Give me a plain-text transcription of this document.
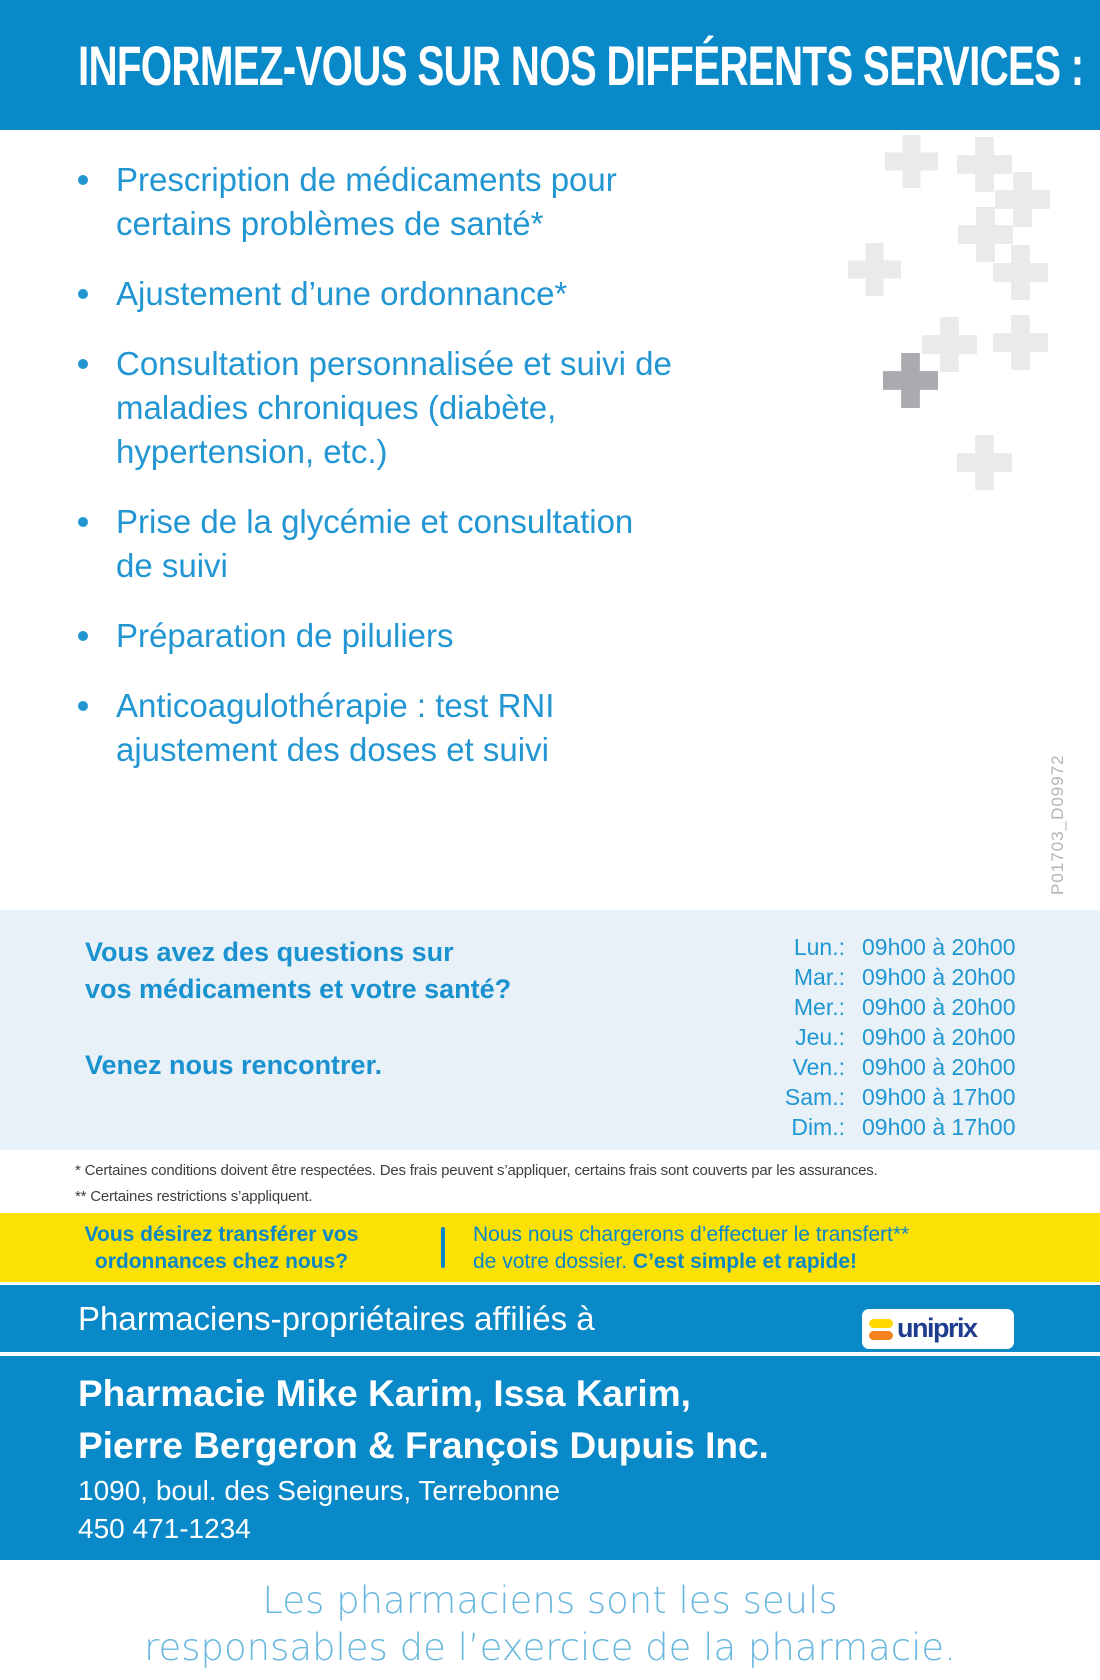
INFORMEZ-VOUS SUR NOS DIFFÉRENTS SERVICES :
Prescription de médicaments pour
certains problèmes de santé*
Ajustement d’une ordonnance*
Consultation personnalisée et suivi de
maladies chroniques (diabète,
hypertension, etc.)
Prise de la glycémie et consultation
de suivi
Préparation de piluliers
Anticoagulothérapie : test RNI
ajustement des doses et suivi
P01703_D09972
Vous avez des questions sur
vos médicaments et votre santé?
Venez nous rencontrer.
Lun.: 09h00 à 20h00
Mar.: 09h00 à 20h00
Mer.: 09h00 à 20h00
Jeu.: 09h00 à 20h00
Ven.: 09h00 à 20h00
Sam.: 09h00 à 17h00
Dim.: 09h00 à 17h00
* Certaines conditions doivent être respectées. Des frais peuvent s’appliquer, certains frais sont couverts par les assurances.
** Certaines restrictions s’appliquent.
Vous désirez transférer vos
ordonnances chez nous?
Nous nous chargerons d’effectuer le transfert**
de votre dossier. C’est simple et rapide!
Pharmaciens-propriétaires affiliés à	uniprix
Pharmacie Mike Karim, Issa Karim,
Pierre Bergeron & François Dupuis Inc.
1090, boul. des Seigneurs, Terrebonne
450 471-1234
Les pharmaciens sont les seuls
responsables de l’exercice de la pharmacie.
